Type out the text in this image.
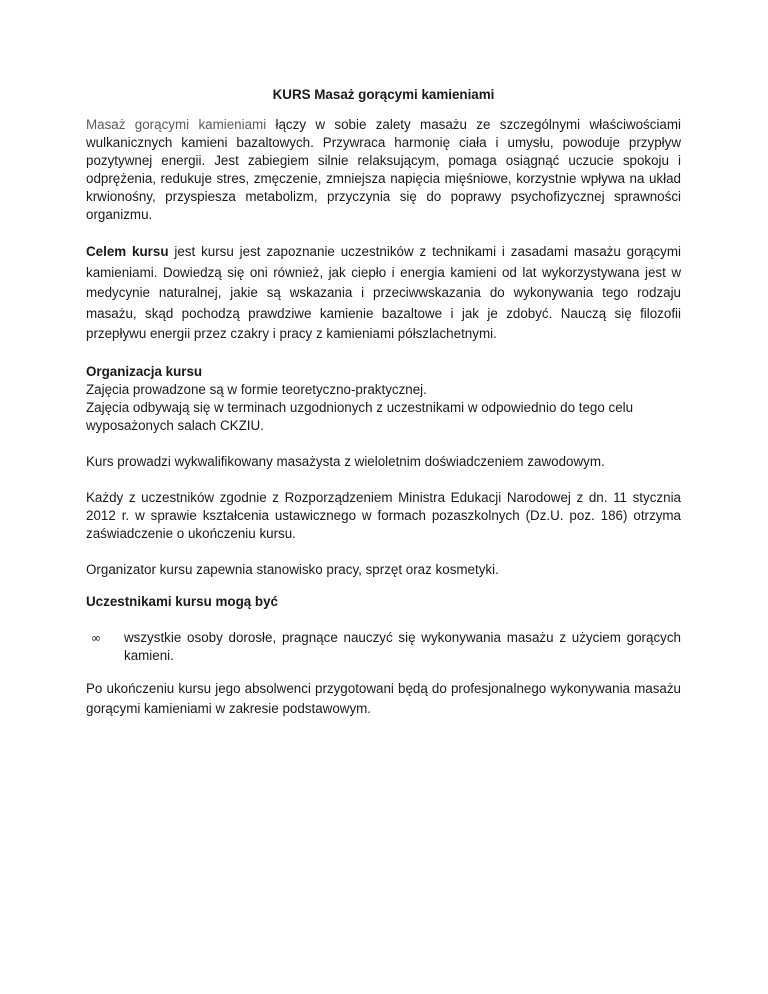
KURS Masaż gorącymi kamieniami

Masaż gorącymi kamieniami łączy w sobie zalety masażu ze szczególnymi właściwościami wulkanicznych kamieni bazaltowych. Przywraca harmonię ciała i umysłu, powoduje przypływ pozytywnej energii. Jest zabiegiem silnie relaksującym, pomaga osiągnąć uczucie spokoju i odprężenia, redukuje stres, zmęczenie, zmniejsza napięcia mięśniowe, korzystnie wpływa na układ krwionośny, przyspiesza metabolizm, przyczynia się do poprawy psychofizycznej sprawności organizmu.

Celem kursu jest kursu jest zapoznanie uczestników z technikami i zasadami masażu gorącymi kamieniami. Dowiedzą się oni również, jak ciepło i energia kamieni od lat wykorzystywana jest w medycynie naturalnej, jakie są wskazania i przeciwwskazania do wykonywania tego rodzaju masażu, skąd pochodzą prawdziwe kamienie bazaltowe i jak je zdobyć. Nauczą się filozofii przepływu energii przez czakry i pracy z kamieniami półszlachetnymi.

Organizacja kursu
Zajęcia prowadzone są w formie teoretyczno-praktycznej.
Zajęcia odbywają się w terminach uzgodnionych z uczestnikami w odpowiednio do tego celu wyposażonych salach CKZIU.

Kurs prowadzi wykwalifikowany masażysta z wieloletnim doświadczeniem zawodowym.

Każdy z uczestników zgodnie z Rozporządzeniem Ministra Edukacji Narodowej z dn. 11 stycznia 2012 r. w sprawie kształcenia ustawicznego w formach pozaszkolnych (Dz.U. poz. 186) otrzyma zaświadczenie o ukończeniu kursu.

Organizator kursu zapewnia stanowisko pracy, sprzęt oraz kosmetyki.

Uczestnikami kursu mogą być
∞ wszystkie osoby dorosłe, pragnące nauczyć się wykonywania masażu z użyciem gorących kamieni.

Po ukończeniu kursu jego absolwenci przygotowani będą do profesjonalnego wykonywania masażu gorącymi kamieniami w zakresie podstawowym.
